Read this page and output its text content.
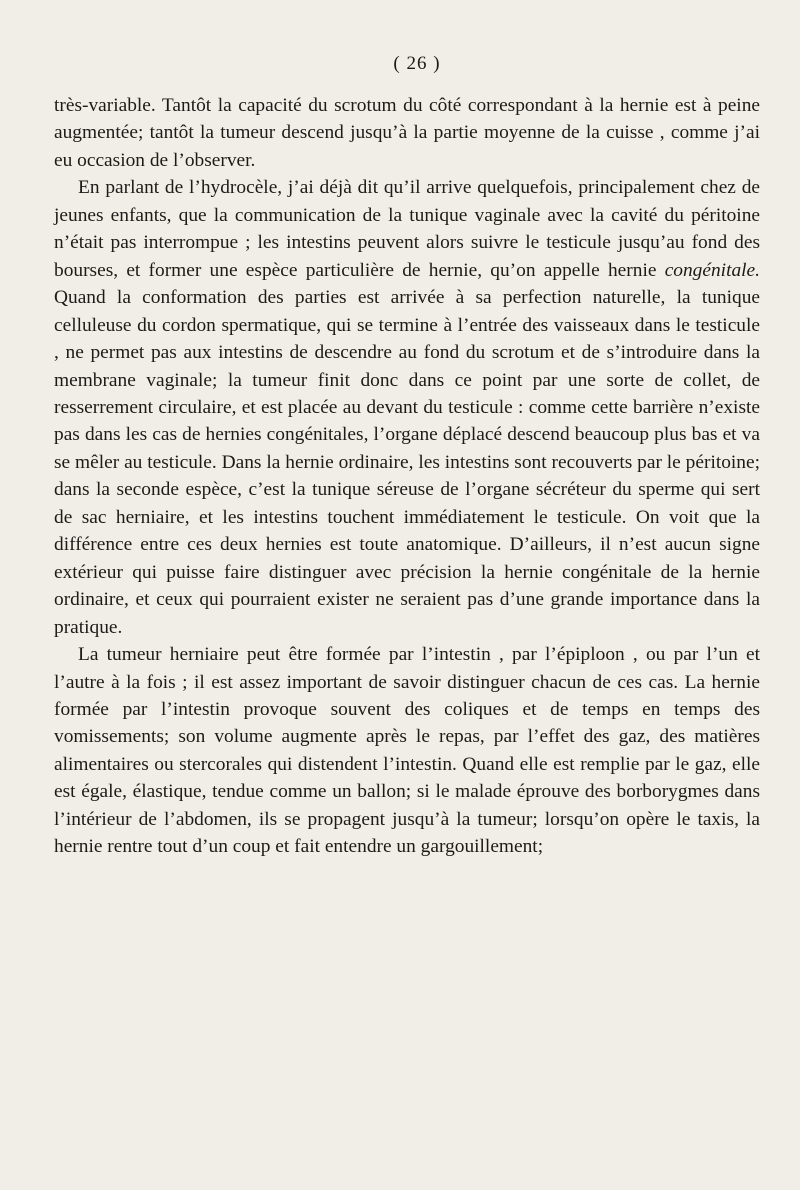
( 26 )

très-variable. Tantôt la capacité du scrotum du côté correspondant à la hernie est à peine augmentée; tantôt la tumeur descend jusqu’à la partie moyenne de la cuisse , comme j’ai eu occasion de l’observer.

En parlant de l’hydrocèle, j’ai déjà dit qu’il arrive quelquefois, principalement chez de jeunes enfants, que la communication de la tunique vaginale avec la cavité du péritoine n’était pas interrompue ; les intestins peuvent alors suivre le testicule jusqu’au fond des bourses, et former une espèce particulière de hernie, qu’on appelle hernie congénitale. Quand la conformation des parties est arrivée à sa perfection naturelle, la tunique celluleuse du cordon spermatique, qui se termine à l’entrée des vaisseaux dans le testicule , ne permet pas aux intestins de descendre au fond du scrotum et de s’introduire dans la membrane vaginale; la tumeur finit donc dans ce point par une sorte de collet, de resserrement circulaire, et est placée au devant du testicule : comme cette barrière n’existe pas dans les cas de hernies congénitales, l’organe déplacé descend beaucoup plus bas et va se mêler au testicule. Dans la hernie ordinaire, les intestins sont recouverts par le péritoine; dans la seconde espèce, c’est la tunique séreuse de l’organe sécréteur du sperme qui sert de sac herniaire, et les intestins touchent immédiatement le testicule. On voit que la différence entre ces deux hernies est toute anatomique. D’ailleurs, il n’est aucun signe extérieur qui puisse faire distinguer avec précision la hernie congénitale de la hernie ordinaire, et ceux qui pourraient exister ne seraient pas d’une grande importance dans la pratique.

La tumeur herniaire peut être formée par l’intestin , par l’épiploon , ou par l’un et l’autre à la fois ; il est assez important de savoir distinguer chacun de ces cas. La hernie formée par l’intestin provoque souvent des coliques et de temps en temps des vomissements; son volume augmente après le repas, par l’effet des gaz, des matières alimentaires ou stercorales qui distendent l’intestin. Quand elle est remplie par le gaz, elle est égale, élastique, tendue comme un ballon; si le malade éprouve des borborygmes dans l’intérieur de l’abdomen, ils se propagent jusqu’à la tumeur; lorsqu’on opère le taxis, la hernie rentre tout d’un coup et fait entendre un gargouillement;
